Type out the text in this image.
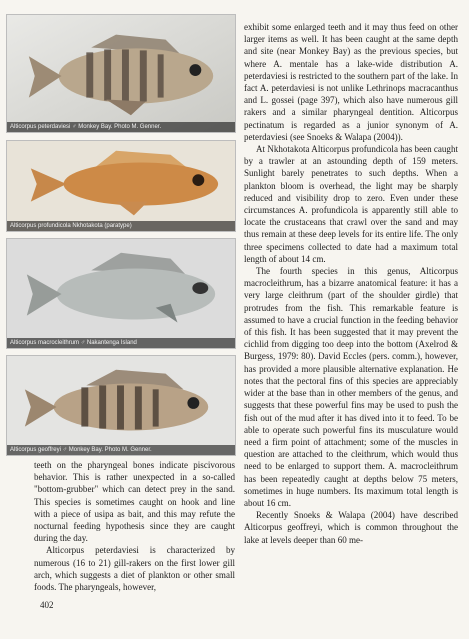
Alticorpus peterdaviesi ♂ Monkey Bay. Photo M. Genner.
Alticorpus profundicola Nkhotakota (paratype)
Alticorpus macrocleithrum ♂ Nakantenga Island
Alticorpus geoffreyi ♂ Monkey Bay. Photo M. Genner.

teeth on the pharyngeal bones indicate piscivorous behavior. This is rather unexpected in a so-called "bottom-grubber" which can detect prey in the sand. This species is sometimes caught on hook and line with a piece of usipa as bait, and this may refute the nocturnal feeding hypothesis since they are caught during the day.

Alticorpus peterdaviesi is characterized by numerous (16 to 21) gill-rakers on the first lower gill arch, which suggests a diet of plankton or other small foods. The pharyngeals, however,

exhibit some enlarged teeth and it may thus feed on other larger items as well. It has been caught at the same depth and site (near Monkey Bay) as the previous species, but where A. mentale has a lake-wide distribution A. peterdaviesi is restricted to the southern part of the lake. In fact A. peterdaviesi is not unlike Lethrinops macracanthus and L. gossei (page 397), which also have numerous gill rakers and a similar pharyngeal dentition. Alticorpus pectinatum is regarded as a junior synonym of A. peterdaviesi (see Snoeks & Walapa (2004)).

At Nkhotakota Alticorpus profundicola has been caught by a trawler at an astounding depth of 159 meters. Sunlight barely penetrates to such depths. When a plankton bloom is overhead, the light may be sharply reduced and visibility drop to zero. Even under these circumstances A. profundicola is apparently still able to locate the crustaceans that crawl over the sand and may thus remain at these deep levels for its entire life. The only three specimens collected to date had a maximum total length of about 14 cm.

The fourth species in this genus, Alticorpus macrocleithrum, has a bizarre anatomical feature: it has a very large cleithrum (part of the shoulder girdle) that protrudes from the fish. This remarkable feature is assumed to have a crucial function in the feeding behavior of this fish. It has been suggested that it may prevent the cichlid from digging too deep into the bottom (Axelrod & Burgess, 1979: 80). David Eccles (pers. comm.), however, has provided a more plausible alternative explanation. He notes that the pectoral fins of this species are appreciably wider at the base than in other members of the genus, and suggests that these powerful fins may be used to push the fish out of the mud after it has dived into it to feed. To be able to operate such powerful fins its musculature would need a firm point of attachment; some of the muscles in question are attached to the cleithrum, which would thus need to be enlarged to support them. A. macrocleithrum has been repeatedly caught at depths below 75 meters, sometimes in huge numbers. Its maximum total length is about 16 cm.

Recently Snoeks & Walapa (2004) have described Alticorpus geoffreyi, which is common throughout the lake at levels deeper than 60 me-

402
